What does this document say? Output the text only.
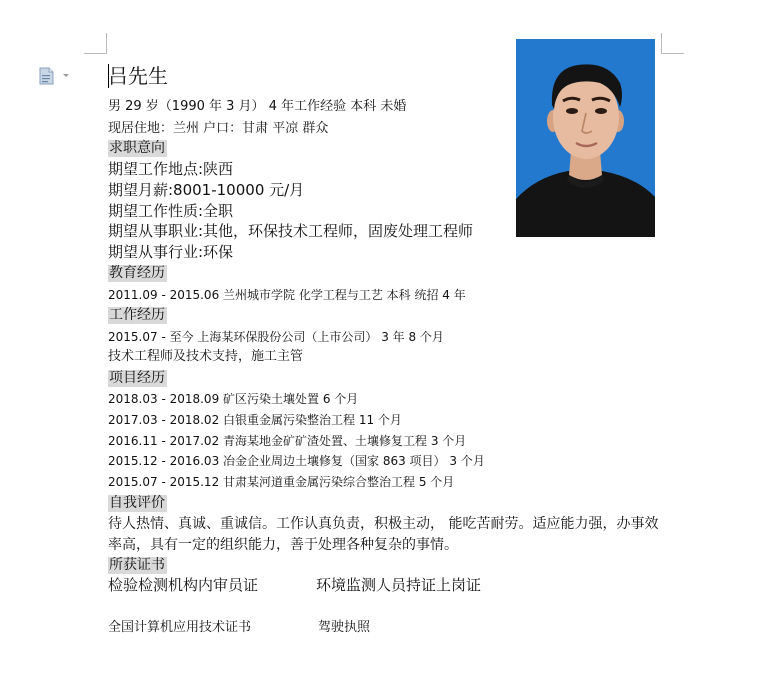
吕先生
男 29 岁（1990 年 3 月） 4 年工作经验 本科 未婚
现居住地：兰州 户口：甘肃 平凉 群众
求职意向
期望工作地点:陕西
期望月薪:8001-10000 元/月
期望工作性质:全职
期望从事职业:其他，环保技术工程师，固废处理工程师
期望从事行业:环保
教育经历
2011.09 - 2015.06 兰州城市学院 化学工程与工艺 本科 统招 4 年
工作经历
2015.07 - 至今 上海某环保股份公司（上市公司） 3 年 8 个月
技术工程师及技术支持，施工主管
项目经历
2018.03 - 2018.09 矿区污染土壤处置 6 个月
2017.03 - 2018.02 白银重金属污染整治工程 11 个月
2016.11 - 2017.02 青海某地金矿矿渣处置、土壤修复工程 3 个月
2015.12 - 2016.03 冶金企业周边土壤修复（国家 863 项目） 3 个月
2015.07 - 2015.12 甘肃某河道重金属污染综合整治工程 5 个月
自我评价
待人热情、真诚、重诚信。工作认真负责，积极主动， 能吃苦耐劳。适应能力强，办事效率高，具有一定的组织能力，善于处理各种复杂的事情。
所获证书
检验检测机构内审员证	环境监测人员持证上岗证
全国计算机应用技术证书	驾驶执照
